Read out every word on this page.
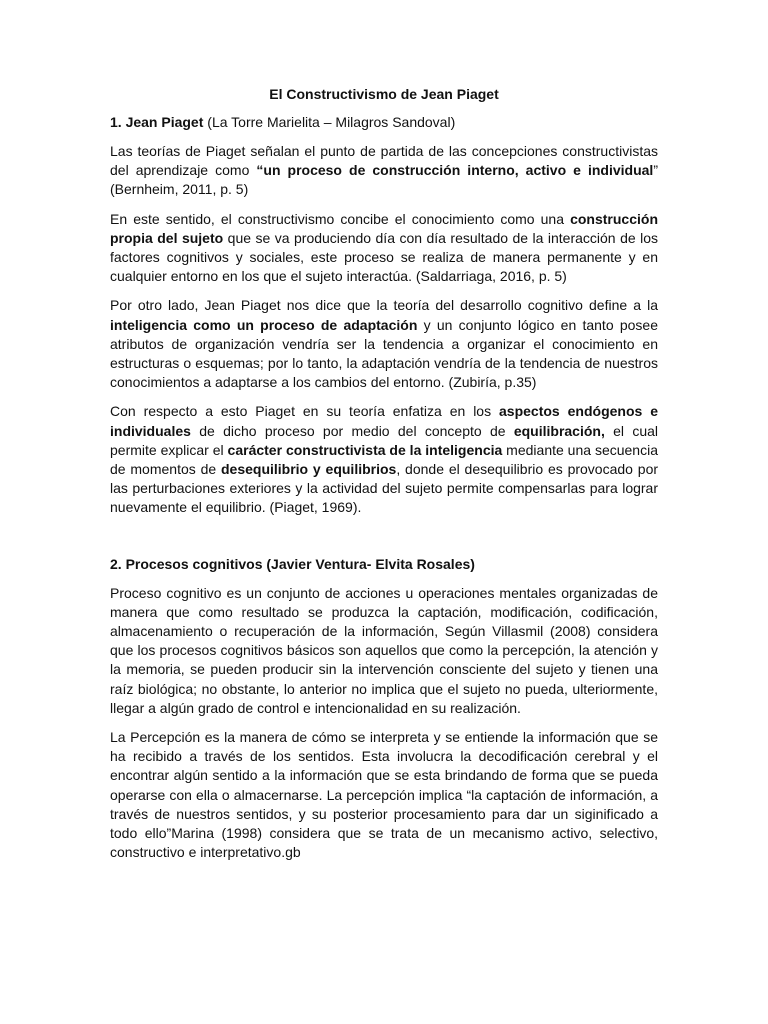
El Constructivismo de Jean Piaget
1. Jean Piaget (La Torre Marielita – Milagros Sandoval)

Las teorías de Piaget señalan el punto de partida de las concepciones constructivistas del aprendizaje como “un proceso de construcción interno, activo e individual” (Bernheim, 2011, p. 5)

En este sentido, el constructivismo concibe el conocimiento como una construcción propia del sujeto que se va produciendo día con día resultado de la interacción de los factores cognitivos y sociales, este proceso se realiza de manera permanente y en cualquier entorno en los que el sujeto interactúa. (Saldarriaga, 2016, p. 5)

Por otro lado, Jean Piaget nos dice que la teoría del desarrollo cognitivo define a la inteligencia como un proceso de adaptación y un conjunto lógico en tanto posee atributos de organización vendría ser la tendencia a organizar el conocimiento en estructuras o esquemas; por lo tanto, la adaptación vendría de la tendencia de nuestros conocimientos a adaptarse a los cambios del entorno. (Zubiría, p.35)

Con respecto a esto Piaget en su teoría enfatiza en los aspectos endógenos e individuales de dicho proceso por medio del concepto de equilibración, el cual permite explicar el carácter constructivista de la inteligencia mediante una secuencia de momentos de desequilibrio y equilibrios, donde el desequilibrio es provocado por las perturbaciones exteriores y la actividad del sujeto permite compensarlas para lograr nuevamente el equilibrio. (Piaget, 1969).

2. Procesos cognitivos (Javier Ventura- Elvita Rosales)

Proceso cognitivo es un conjunto de acciones u operaciones mentales organizadas de manera que como resultado se produzca la captación, modificación, codificación, almacenamiento o recuperación de la información, Según Villasmil (2008) considera que los procesos cognitivos básicos son aquellos que como la percepción, la atención y la memoria, se pueden producir sin la intervención consciente del sujeto y tienen una raíz biológica; no obstante, lo anterior no implica que el sujeto no pueda, ulteriormente, llegar a algún grado de control e intencionalidad en su realización.

La Percepción es la manera de cómo se interpreta y se entiende la información que se ha recibido a través de los sentidos. Esta involucra la decodificación cerebral y el encontrar algún sentido a la información que se esta brindando de forma que se pueda operarse con ella o almacernarse. La percepción implica “la captación de información, a través de nuestros sentidos, y su posterior procesamiento para dar un siginificado a todo ello”Marina (1998) considera que se trata de un mecanismo activo, selectivo, constructivo e interpretativo.gb
